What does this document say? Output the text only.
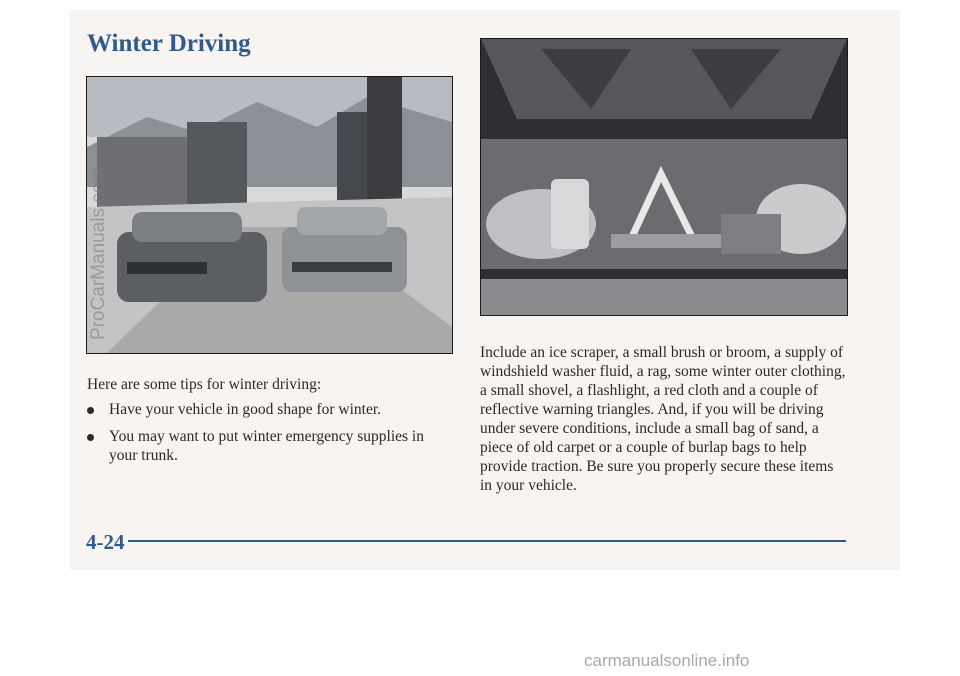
Winter Driving
ProCarManuals.com

Here are some tips for winter driving:

Have your vehicle in good shape for winter.
You may want to put winter emergency supplies in your trunk.

Include an ice scraper, a small brush or broom, a supply of windshield washer fluid, a rag, some winter outer clothing, a small shovel, a flashlight, a red cloth and a couple of reflective warning triangles. And, if you will be driving under severe conditions, include a small bag of sand, a piece of old carpet or a couple of burlap bags to help provide traction. Be sure you properly secure these items in your vehicle.

4-24
carmanualsonline.info
